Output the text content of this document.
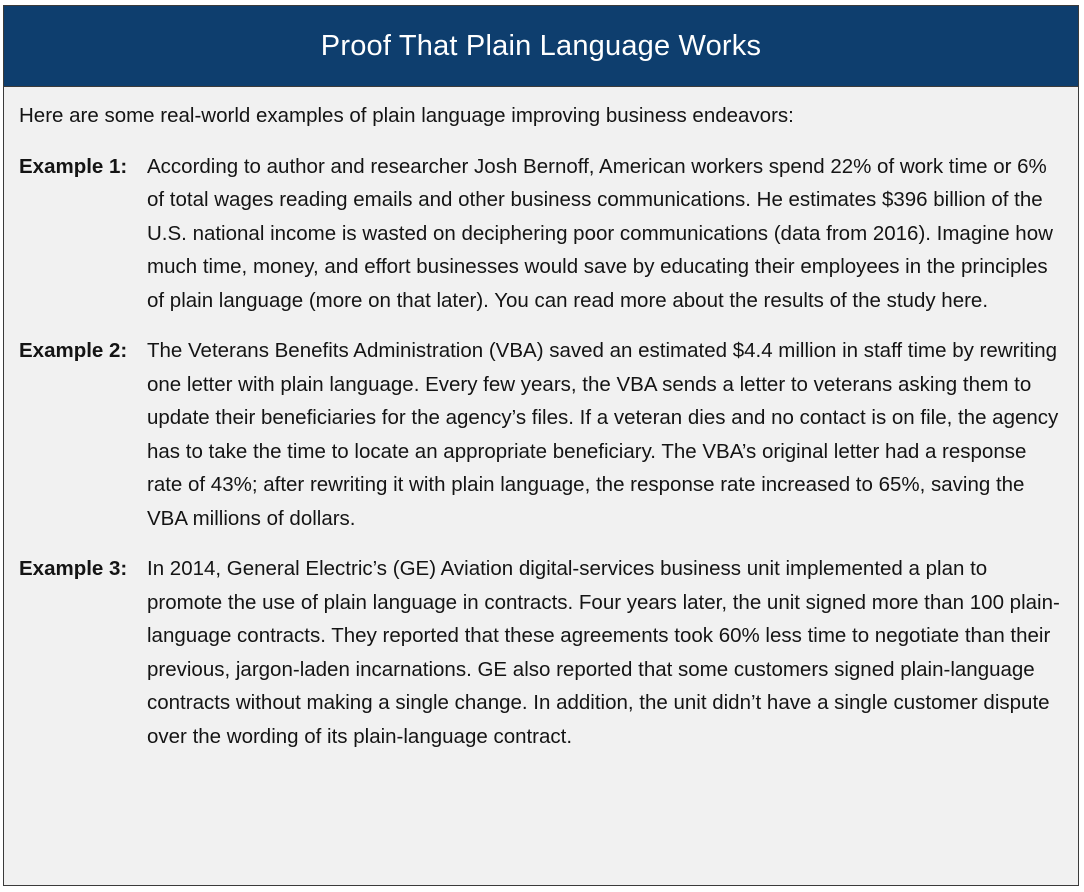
Proof That Plain Language Works

Here are some real-world examples of plain language improving business endeavors:

Example 1: According to author and researcher Josh Bernoff, American workers spend 22% of work time or 6% of total wages reading emails and other business communications. He estimates $396 billion of the U.S. national income is wasted on deciphering poor communications (data from 2016). Imagine how much time, money, and effort businesses would save by educating their employees in the principles of plain language (more on that later). You can read more about the results of the study here.
Example 2: The Veterans Benefits Administration (VBA) saved an estimated $4.4 million in staff time by rewriting one letter with plain language. Every few years, the VBA sends a letter to veterans asking them to update their beneficiaries for the agency’s files. If a veteran dies and no contact is on file, the agency has to take the time to locate an appropriate beneficiary. The VBA’s original letter had a response rate of 43%; after rewriting it with plain language, the response rate increased to 65%, saving the VBA millions of dollars.
Example 3: In 2014, General Electric’s (GE) Aviation digital-services business unit implemented a plan to promote the use of plain language in contracts. Four years later, the unit signed more than 100 plain-language contracts. They reported that these agreements took 60% less time to negotiate than their previous, jargon-laden incarnations. GE also reported that some customers signed plain-language contracts without making a single change. In addition, the unit didn’t have a single customer dispute over the wording of its plain-language contract.
